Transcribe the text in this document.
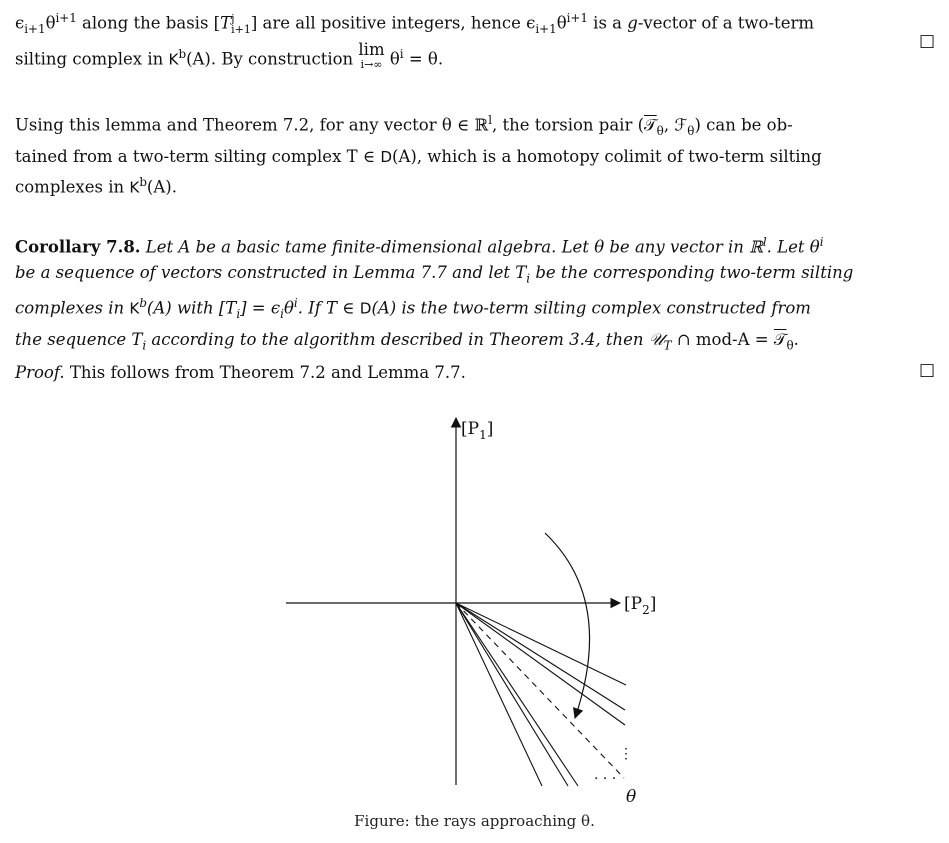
$\epsilon_{i+1}\theta^{i+1}$ along the basis [T j
i+1 ] are all positive integers, hence $\epsilon_{i+1}\theta^{i+1}$ is a g-vector of a two-term

silting complex in $K^b(A)$. By construction lim
i→∞ $\theta^i = \theta$.

□

Using this lemma and Theorem 7.2, for any vector θ ∈ ℝ$^l$, the torsion pair (𝒯$_\theta$, ℱ$_\theta$) can be ob-

tained from a two-term silting complex T ∈ D(A), which is a homotopy colimit of two-term silting

complexes in $K^b(A)$.

Corollary 7.8. Let A be a basic tame finite-dimensional algebra. Let θ be any vector in ℝ$^l$. Let $\theta^i$

be a sequence of vectors constructed in Lemma 7.7 and let $T_i$ be the corresponding two-term silting

complexes in $K^b(A)$ with $[T_i] = \epsilon_i\theta^i$. If T ∈ D(A) is the two-term silting complex constructed from

the sequence $T_i$ according to the algorithm described in Theorem 3.4, then 𝒰$_T$ ∩ mod-A = 𝒯$_\theta$.

Proof. This follows from Theorem 7.2 and Lemma 7.7.	□
$[P_1]$
$[P_2]$
θ
· · ·
⋮
Figure: the rays approaching θ.
